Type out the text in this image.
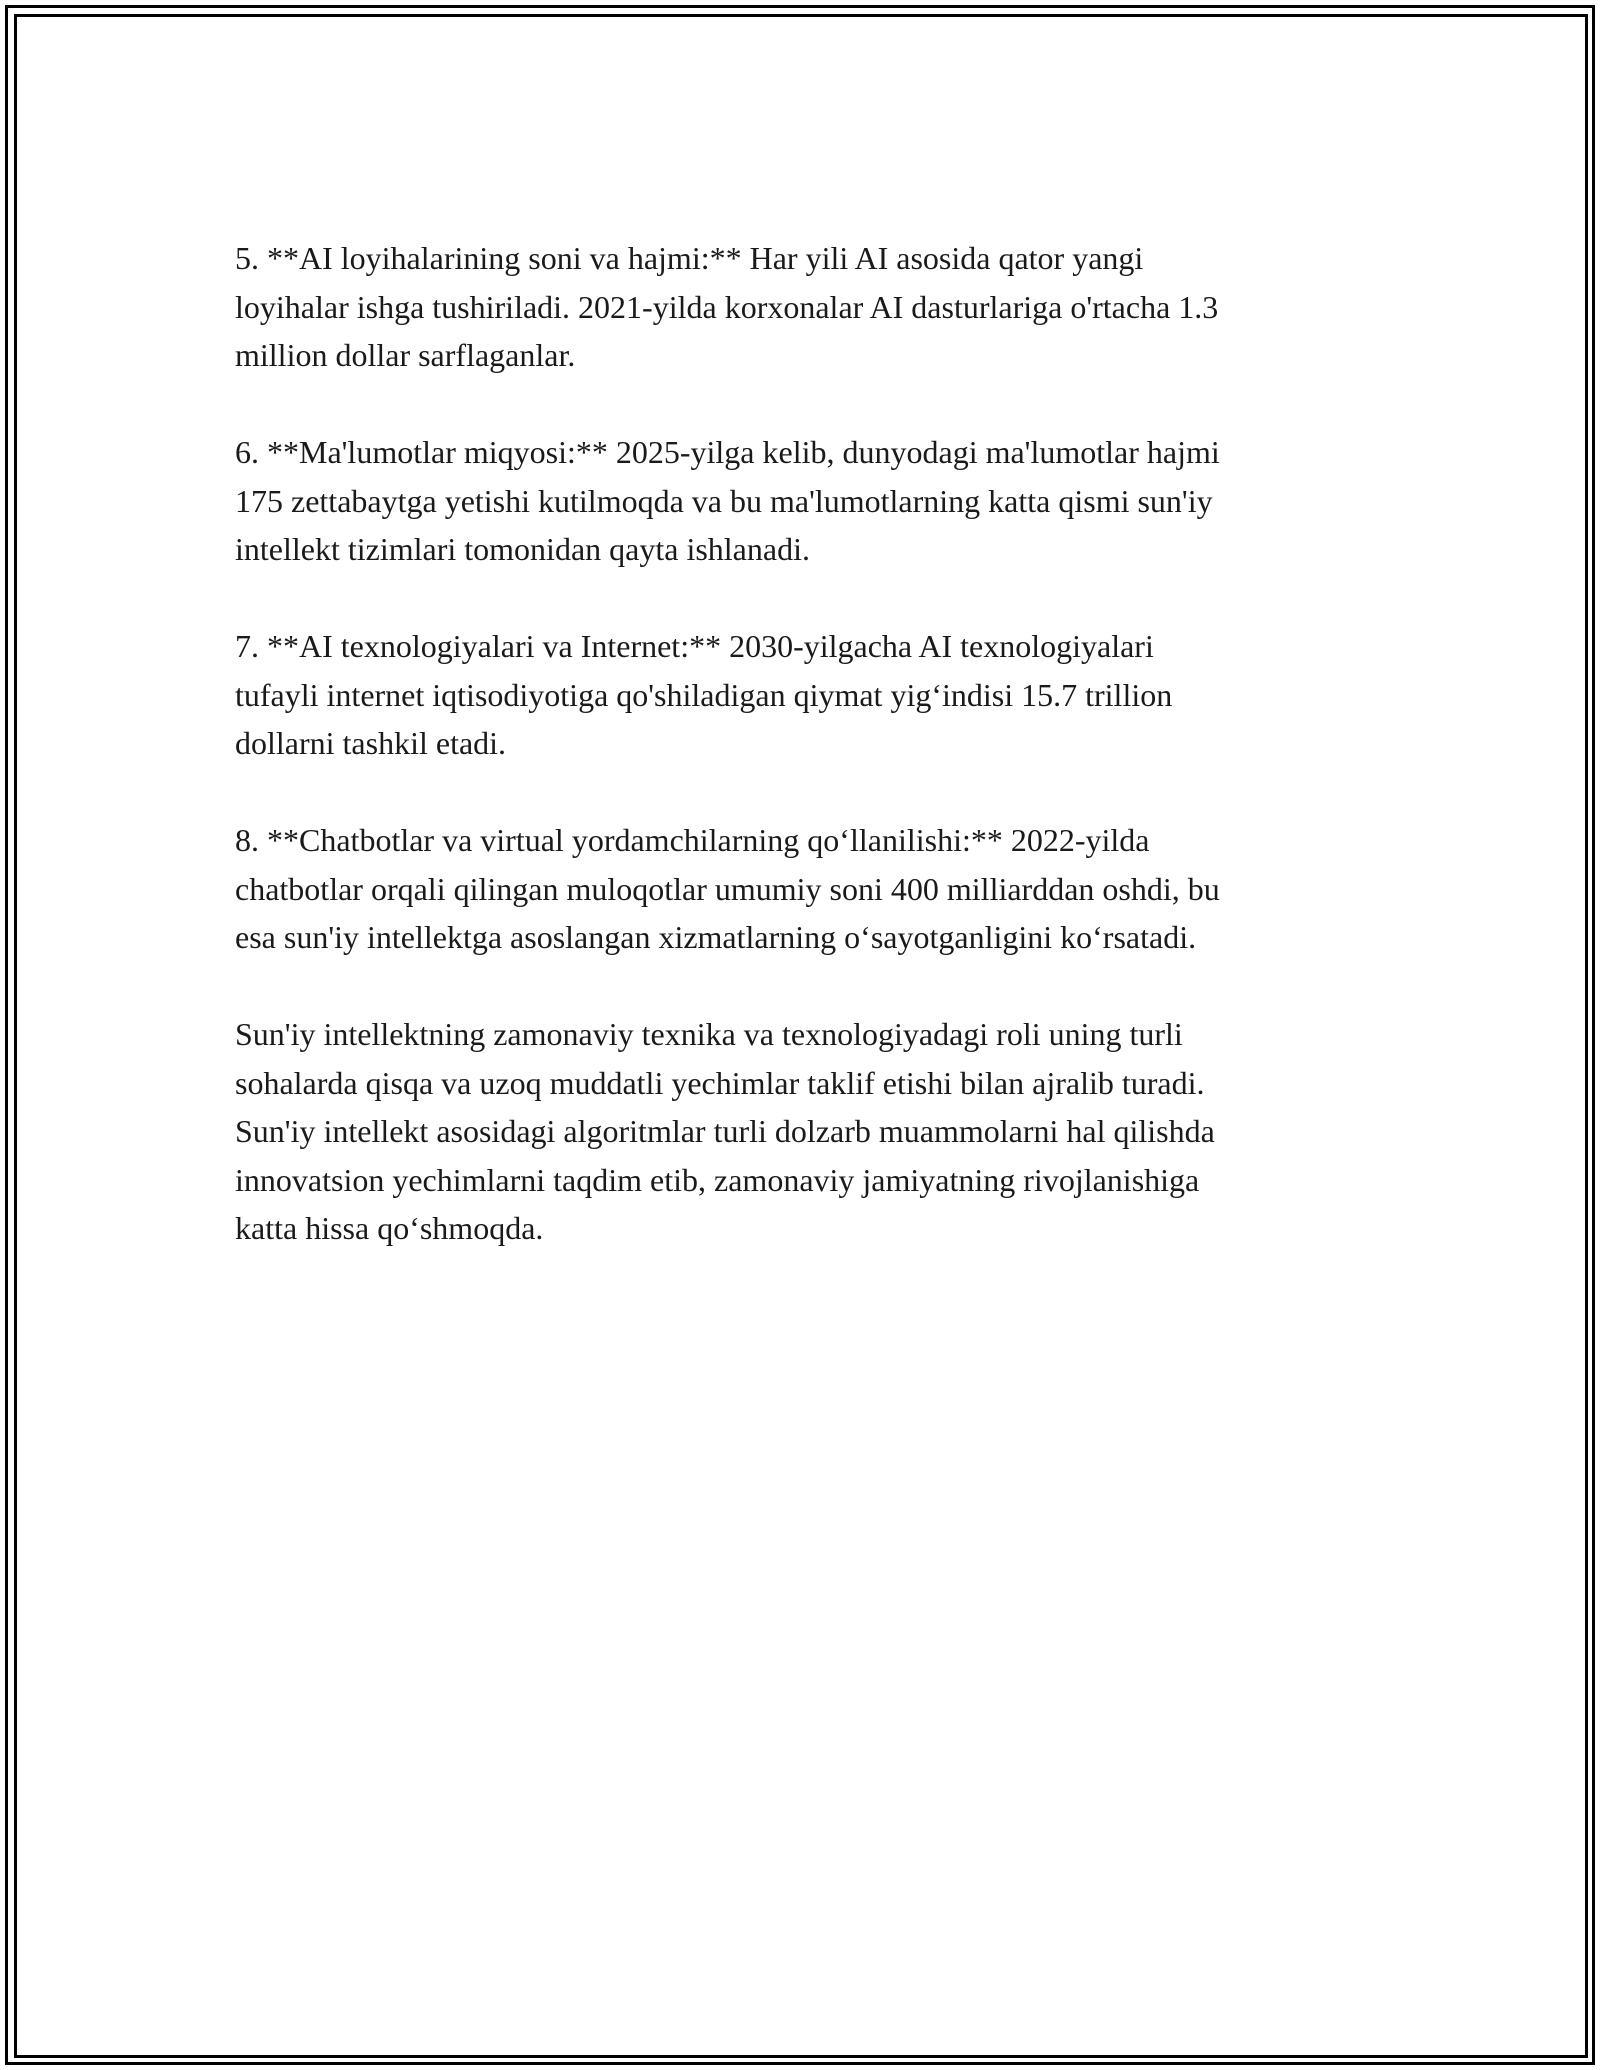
5. **AI loyihalarining soni va hajmi:** Har yili AI asosida qator yangi
loyihalar ishga tushiriladi. 2021-yilda korxonalar AI dasturlariga o'rtacha 1.3
million dollar sarflaganlar.

6. **Ma'lumotlar miqyosi:** 2025-yilga kelib, dunyodagi ma'lumotlar hajmi
175 zettabaytga yetishi kutilmoqda va bu ma'lumotlarning katta qismi sun'iy
intellekt tizimlari tomonidan qayta ishlanadi.

7. **AI texnologiyalari va Internet:** 2030-yilgacha AI texnologiyalari
tufayli internet iqtisodiyotiga qo'shiladigan qiymat yig‘indisi 15.7 trillion
dollarni tashkil etadi.

8. **Chatbotlar va virtual yordamchilarning qo‘llanilishi:** 2022-yilda
chatbotlar orqali qilingan muloqotlar umumiy soni 400 milliarddan oshdi, bu
esa sun'iy intellektga asoslangan xizmatlarning o‘sayotganligini ko‘rsatadi.

Sun'iy intellektning zamonaviy texnika va texnologiyadagi roli uning turli
sohalarda qisqa va uzoq muddatli yechimlar taklif etishi bilan ajralib turadi.
Sun'iy intellekt asosidagi algoritmlar turli dolzarb muammolarni hal qilishda
innovatsion yechimlarni taqdim etib, zamonaviy jamiyatning rivojlanishiga
katta hissa qo‘shmoqda.
